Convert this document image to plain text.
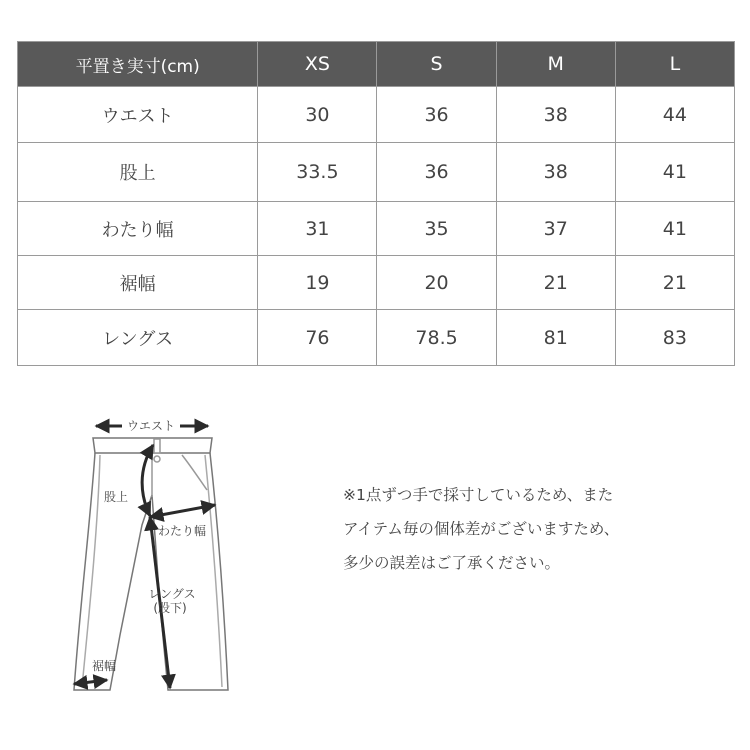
平置き実寸(cm)	XS	S	M	L
ウエスト	30	36	38	44
股上	33.5	36	38	41
わたり幅	31	35	37	41
裾幅	19	20	21	21
レングス	76	78.5	81	83
ウエスト
股上
わたり幅
レングス
(股下)
裾幅
※1点ずつ手で採寸しているため、また
アイテム毎の個体差がございますため、
多少の誤差はご了承ください。
